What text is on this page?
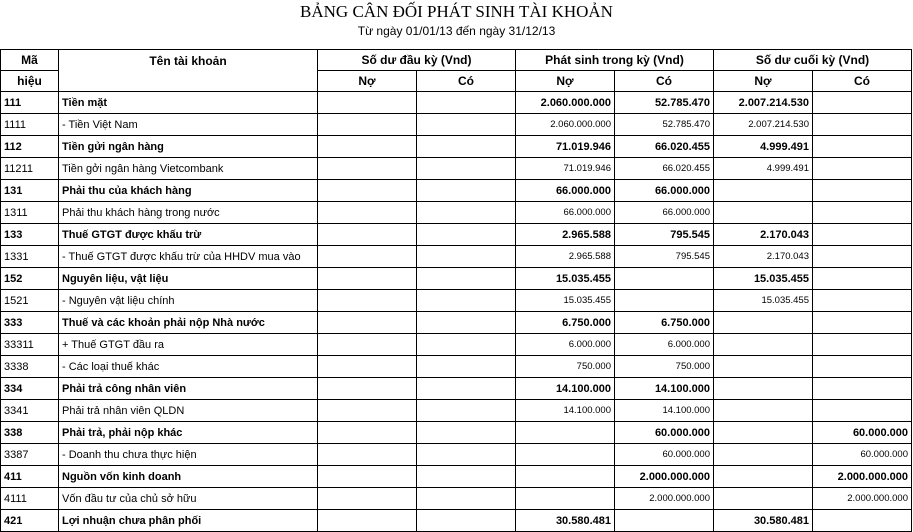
BẢNG CÂN ĐỐI PHÁT SINH TÀI KHOẢN
Từ ngày 01/01/13 đến ngày 31/12/13
Mã	Tên tài khoản	Số dư đầu kỳ (Vnd)		Phát sinh trong kỳ (Vnd)		Số dư cuối kỳ (Vnd)	
hiệu		Nợ	Có	Nợ	Có	Nợ	Có
111	Tiền mặt			2.060.000.000	52.785.470	2.007.214.530	
1111	- Tiền Việt Nam			2.060.000.000	52.785.470	2.007.214.530	
112	Tiền gửi ngân hàng			71.019.946	66.020.455	4.999.491	
11211	Tiền gởi ngân hàng Vietcombank			71.019.946	66.020.455	4.999.491	
131	Phải thu của khách hàng			66.000.000	66.000.000		
1311	Phải thu khách hàng trong nước			66.000.000	66.000.000		
133	Thuế GTGT được khấu trừ			2.965.588	795.545	2.170.043	
1331	- Thuế GTGT được khấu trừ của HHDV mua vào			2.965.588	795.545	2.170.043	
152	Nguyên liệu, vật liệu			15.035.455		15.035.455	
1521	- Nguyên vật liệu chính			15.035.455		15.035.455	
333	Thuế và các khoản phải nộp Nhà nước			6.750.000	6.750.000		
33311	+ Thuế GTGT đầu ra			6.000.000	6.000.000		
3338	- Các loại thuế khác			750.000	750.000		
334	Phải trả công nhân viên			14.100.000	14.100.000		
3341	Phải trả nhân viên QLDN			14.100.000	14.100.000		
338	Phải trả, phải nộp khác				60.000.000		60.000.000
3387	- Doanh thu chưa thực hiện				60.000.000		60.000.000
411	Nguồn vốn kinh doanh				2.000.000.000		2.000.000.000
4111	Vốn đầu tư của chủ sở hữu				2.000.000.000		2.000.000.000
421	Lợi nhuận chưa phân phối			30.580.481		30.580.481	
